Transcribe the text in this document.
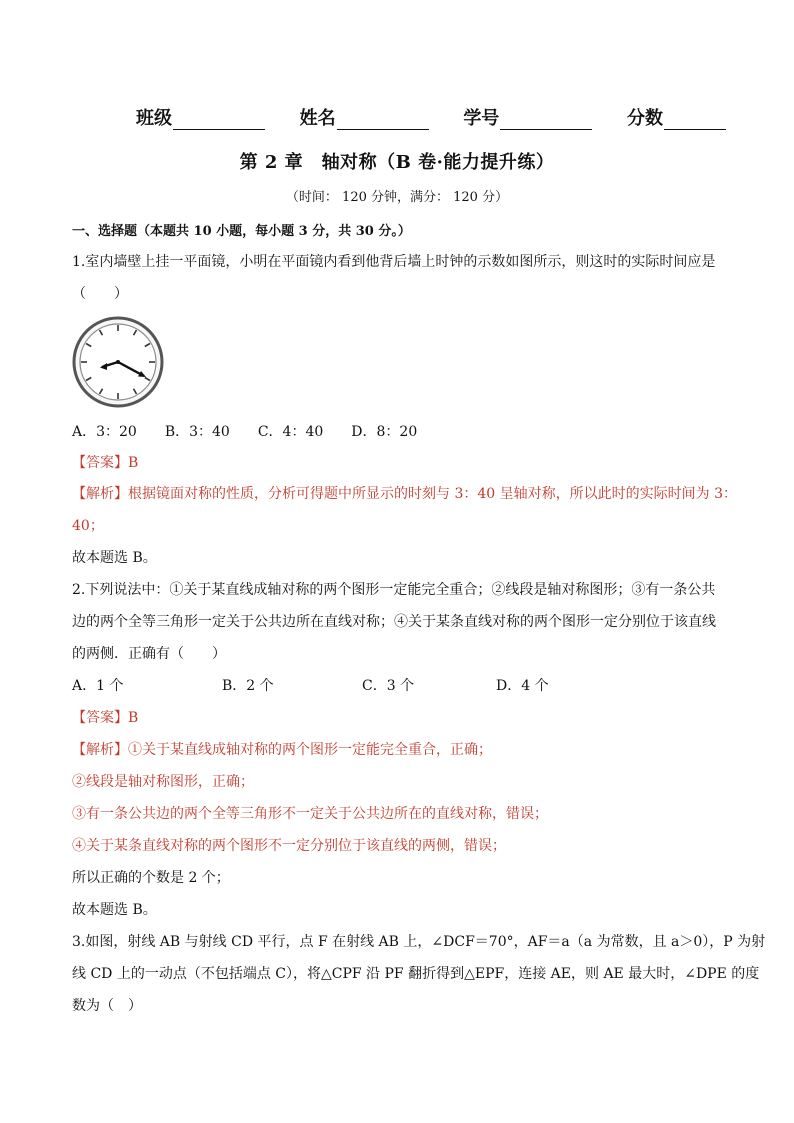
班级	姓名	学号	分数
第 2 章　轴对称（B 卷·能力提升练）
（时间： 120 分钟，满分： 120 分）
一、选择题（本题共 10 小题，每小题 3 分，共 30 分。）
1.室内墙壁上挂一平面镜，小明在平面镜内看到他背后墙上时钟的示数如图所示，则这时的实际时间应是
（　　）
A．3：20　　B．3：40　　C．4：40　　D．8：20
【答案】B
【解析】根据镜面对称的性质，分析可得题中所显示的时刻与 3：40 呈轴对称，所以此时的实际时间为 3：
40；
故本题选 B。
2.下列说法中：①关于某直线成轴对称的两个图形一定能完全重合；②线段是轴对称图形；③有一条公共
边的两个全等三角形一定关于公共边所在直线对称；④关于某条直线对称的两个图形一定分别位于该直线
的两侧．正确有（　　）
A．1 个	B．2 个	C．3 个	D．4 个
【答案】B
【解析】①关于某直线成轴对称的两个图形一定能完全重合，正确；
②线段是轴对称图形，正确；
③有一条公共边的两个全等三角形不一定关于公共边所在的直线对称，错误；
④关于某条直线对称的两个图形不一定分别位于该直线的两侧，错误；
所以正确的个数是 2 个；
故本题选 B。
3.如图，射线 AB 与射线 CD 平行，点 F 在射线 AB 上，∠DCF＝70°，AF＝a（a 为常数，且 a＞0），P 为射
线 CD 上的一动点（不包括端点 C），将△CPF 沿 PF 翻折得到△EPF，连接 AE，则 AE 最大时，∠DPE 的度
数为（　）
